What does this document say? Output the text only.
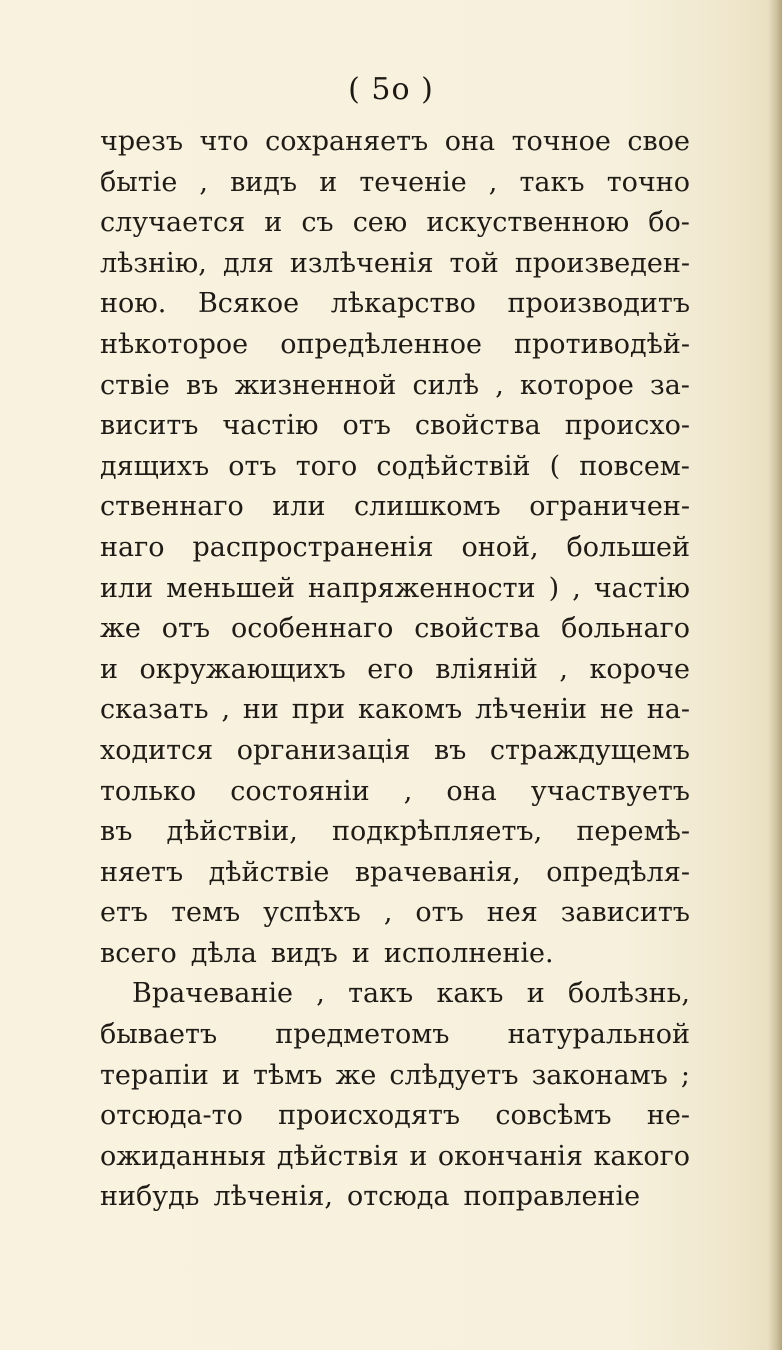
( 5o )
чрезъ что сохраняетъ она точное свое
бытіе , видъ и теченіе , такъ точно
случается и съ сею искуственною бо-
лѣзнію, для излѣченія той произведен-
ною. Всякое лѣкарство производитъ
нѣкоторое опредѣленное противодѣй-
ствіе въ жизненной силѣ , которое за-
виситъ частію отъ свойства происхо-
дящихъ отъ того содѣйствій ( повсем-
ственнаго или слишкомъ ограничен-
наго распространенія оной, большей
или меньшей напряженности ) , частію
же отъ особеннаго свойства больнаго
и окружающихъ его вліяній , короче
сказать , ни при какомъ лѣченіи не на-
ходится организація въ страждущемъ
только состояніи , она участвуетъ
въ дѣйствіи, подкрѣпляетъ, перемѣ-
няетъ дѣйствіе врачеванія, опредѣля-
етъ темъ успѣхъ , отъ нея зависитъ
всего дѣла видъ и исполненіе.
Врачеваніе , такъ какъ и болѣзнь,
бываетъ предметомъ натуральной
терапіи и тѣмъ же слѣдуетъ законамъ ;
отсюда-то происходятъ совсѣмъ не-
ожиданныя дѣйствія и окончанія какого
нибудь лѣченія, отсюда поправленіе
